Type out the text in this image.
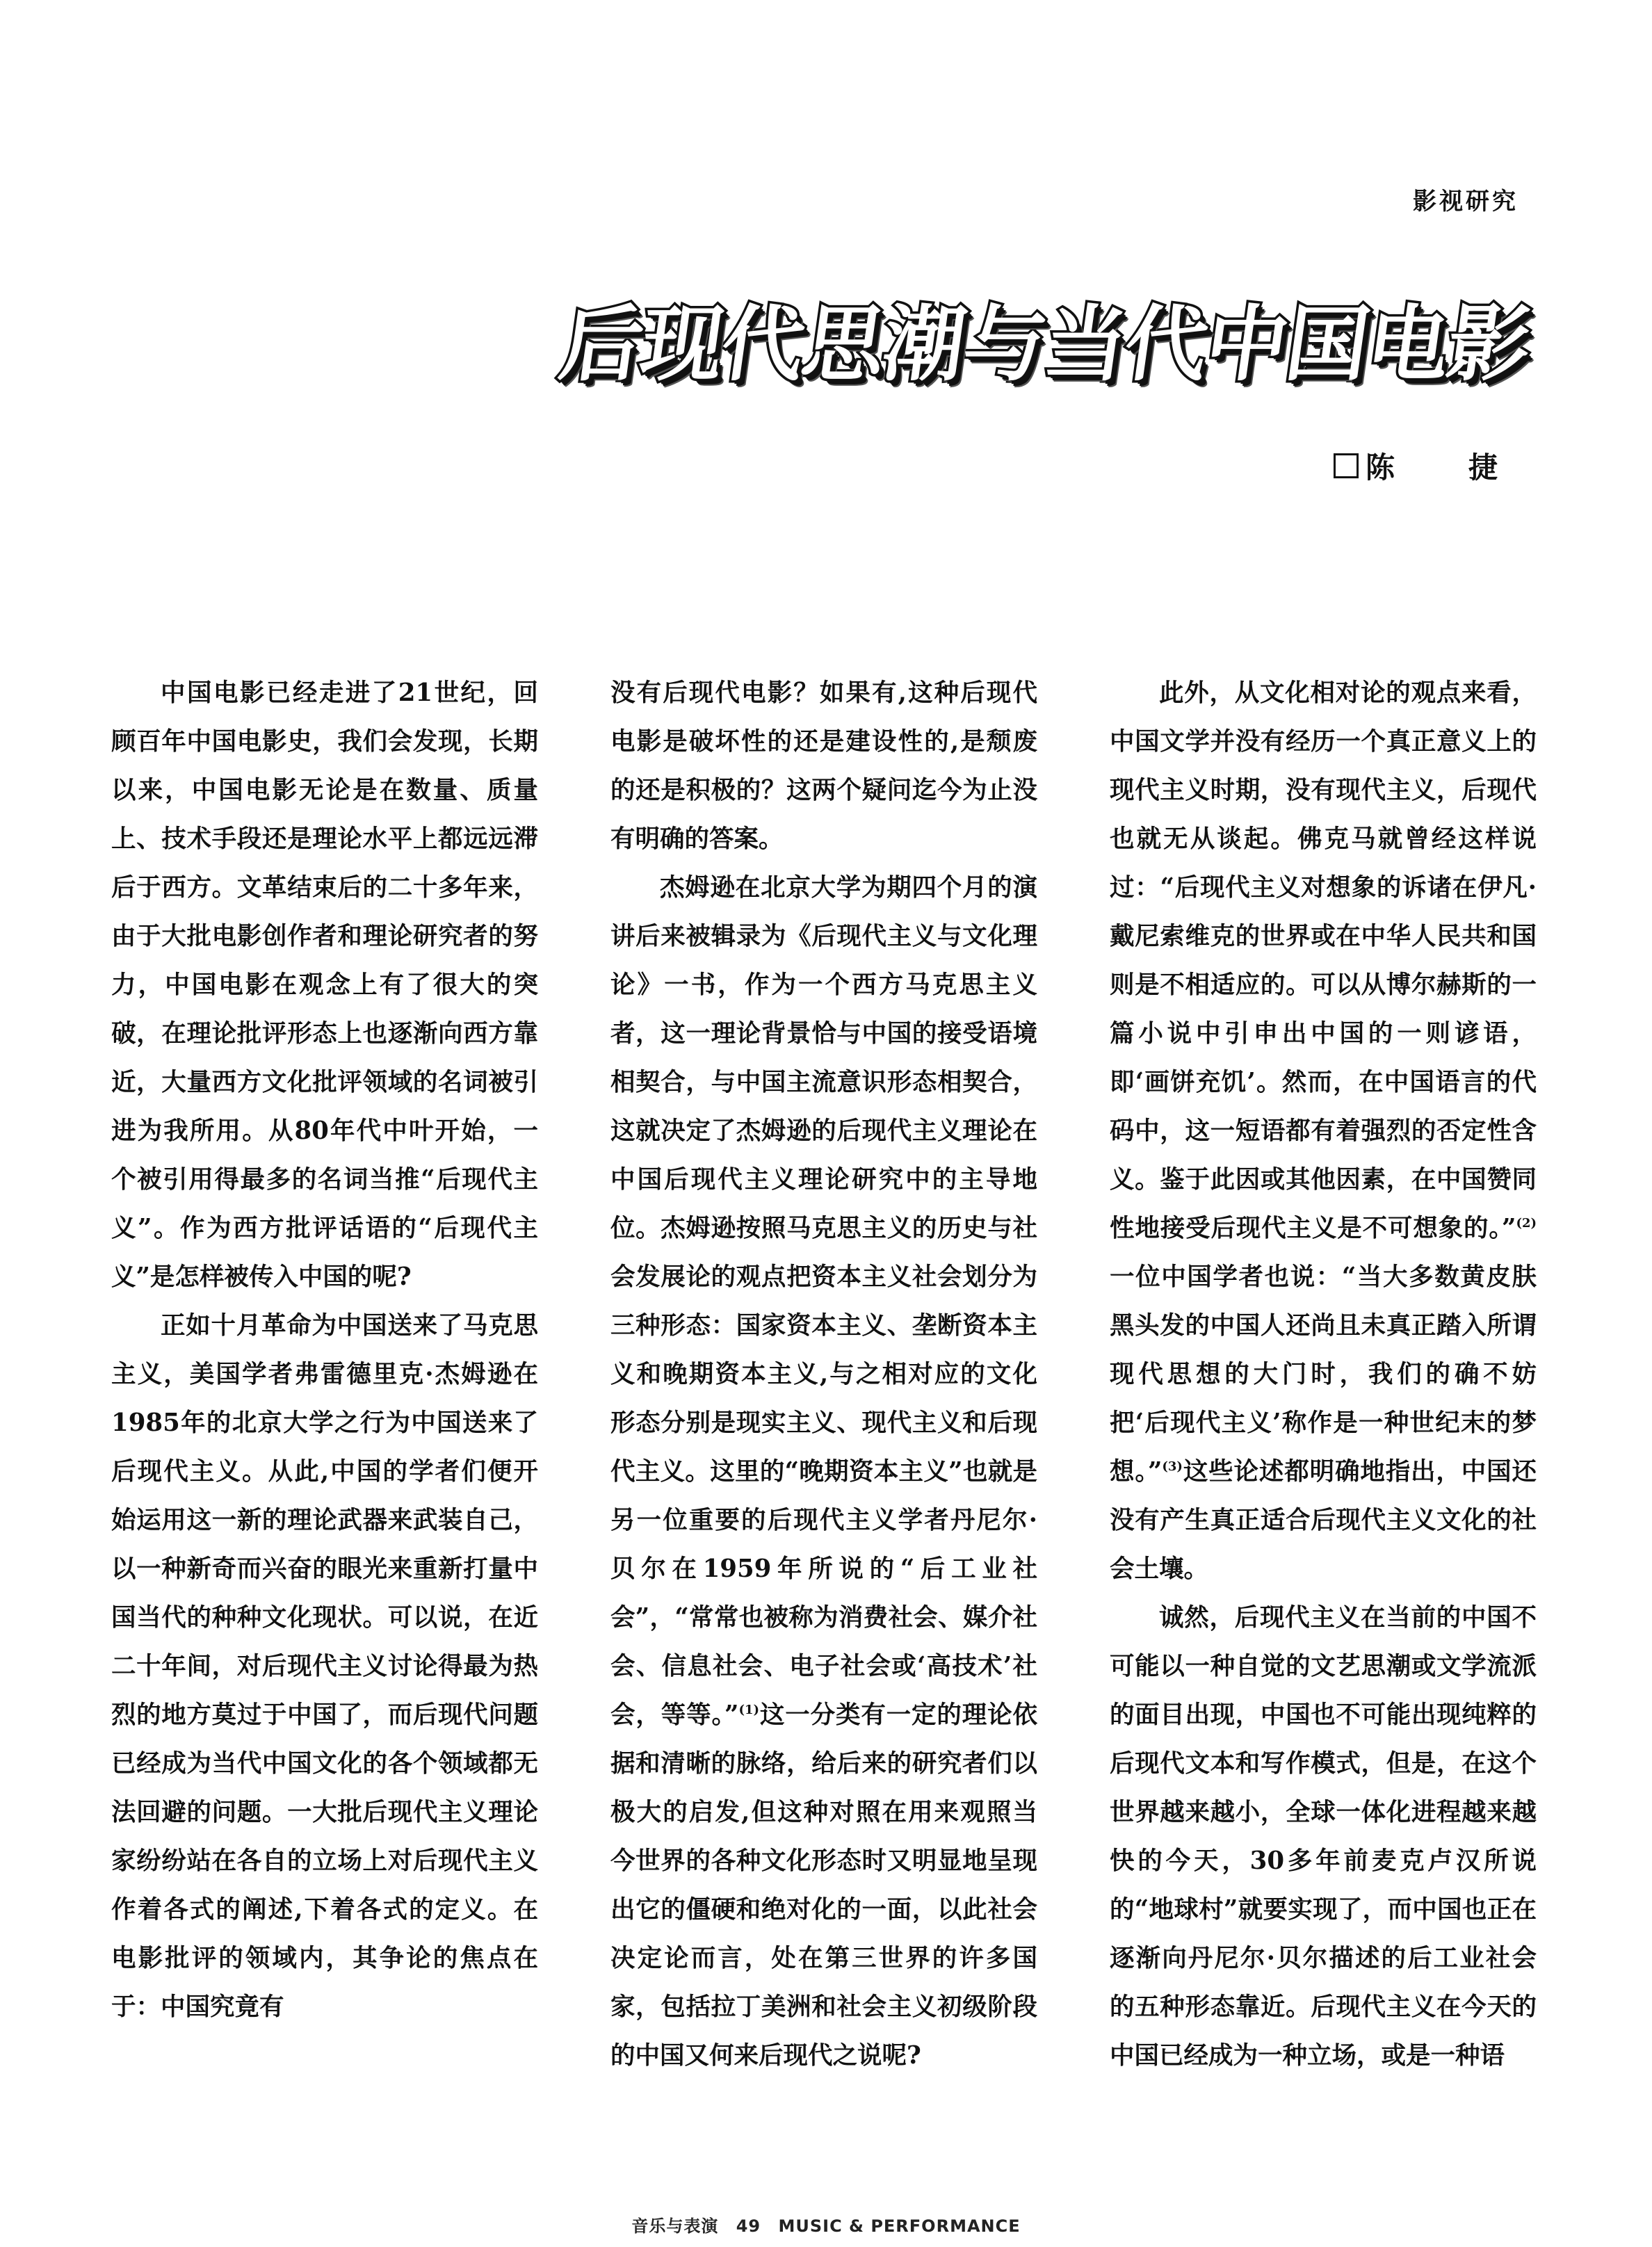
影视研究
后现代思潮与当代中国电影
陈　捷

中国电影已经走进了21世纪，回顾百年中国电影史，我们会发现，长期以来，中国电影无论是在数量、质量上、技术手段还是理论水平上都远远滞后于西方。文革结束后的二十多年来，由于大批电影创作者和理论研究者的努力，中国电影在观念上有了很大的突破，在理论批评形态上也逐渐向西方靠近，大量西方文化批评领域的名词被引进为我所用。从80年代中叶开始，一个被引用得最多的名词当推“后现代主义”。作为西方批评话语的“后现代主义”是怎样被传入中国的呢?

正如十月革命为中国送来了马克思主义，美国学者弗雷德里克·杰姆逊在1985年的北京大学之行为中国送来了后现代主义。从此,中国的学者们便开始运用这一新的理论武器来武装自己，以一种新奇而兴奋的眼光来重新打量中国当代的种种文化现状。可以说，在近二十年间，对后现代主义讨论得最为热烈的地方莫过于中国了，而后现代问题已经成为当代中国文化的各个领域都无法回避的问题。一大批后现代主义理论家纷纷站在各自的立场上对后现代主义作着各式的阐述,下着各式的定义。在电影批评的领域内，其争论的焦点在于：中国究竟有

没有后现代电影？如果有,这种后现代电影是破坏性的还是建设性的,是颓废的还是积极的？这两个疑问迄今为止没有明确的答案。

杰姆逊在北京大学为期四个月的演讲后来被辑录为《后现代主义与文化理论》一书，作为一个西方马克思主义者，这一理论背景恰与中国的接受语境相契合，与中国主流意识形态相契合，这就决定了杰姆逊的后现代主义理论在中国后现代主义理论研究中的主导地位。杰姆逊按照马克思主义的历史与社会发展论的观点把资本主义社会划分为三种形态：国家资本主义、垄断资本主义和晚期资本主义,与之相对应的文化形态分别是现实主义、现代主义和后现代主义。这里的“晚期资本主义”也就是另一位重要的后现代主义学者丹尼尔·贝尔在1959年所说的“后工业社会”，“常常也被称为消费社会、媒介社会、信息社会、电子社会或‘高技术’社会，等等。”$^{(1)}$这一分类有一定的理论依据和清晰的脉络，给后来的研究者们以极大的启发,但这种对照在用来观照当今世界的各种文化形态时又明显地呈现出它的僵硬和绝对化的一面，以此社会决定论而言，处在第三世界的许多国家，包括拉丁美洲和社会主义初级阶段的中国又何来后现代之说呢?

此外，从文化相对论的观点来看，中国文学并没有经历一个真正意义上的现代主义时期，没有现代主义，后现代也就无从谈起。佛克马就曾经这样说过：“后现代主义对想象的诉诸在伊凡·戴尼索维克的世界或在中华人民共和国则是不相适应的。可以从博尔赫斯的一篇小说中引申出中国的一则谚语，即‘画饼充饥’。然而，在中国语言的代码中，这一短语都有着强烈的否定性含义。鉴于此因或其他因素，在中国赞同性地接受后现代主义是不可想象的。”$^{(2)}$一位中国学者也说：“当大多数黄皮肤黑头发的中国人还尚且未真正踏入所谓现代思想的大门时，我们的确不妨把‘后现代主义’称作是一种世纪末的梦想。”$^{(3)}$这些论述都明确地指出，中国还没有产生真正适合后现代主义文化的社会土壤。

诚然，后现代主义在当前的中国不可能以一种自觉的文艺思潮或文学流派的面目出现，中国也不可能出现纯粹的后现代文本和写作模式，但是，在这个世界越来越小，全球一体化进程越来越快的今天，30多年前麦克卢汉所说的“地球村”就要实现了，而中国也正在逐渐向丹尼尔·贝尔描述的后工业社会的五种形态靠近。后现代主义在今天的中国已经成为一种立场，或是一种语

音乐与表演 49 MUSIC & PERFORMANCE
